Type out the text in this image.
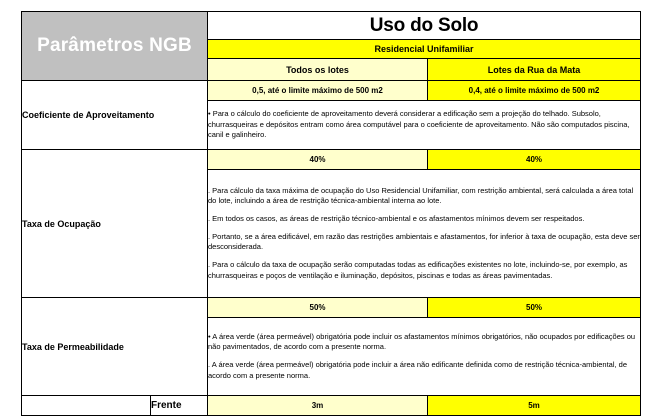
Parâmetros NGB		Uso do Solo	
		Residencial Unifamiliar	
		Todos os lotes	Lotes da Rua da Mata
Coeficiente de Aproveitamento		0,5, até o limite máximo de 500 m2	0,4, até o limite máximo de 500 m2

		• Para o cálculo do coeficiente de aproveitamento deverá considerar a edificação sem a projeção do telhado. Subsolo, churrasqueiras e depósitos entram como área computável para o coeficiente de aproveitamento. Não são computados piscina, canil e galinheiro.	

Taxa de Ocupação		40%	40%

		. Para cálculo da taxa máxima de ocupação do Uso Residencial Unifamiliar, com restrição ambiental, será calculada a área total do lote, incluindo a área de restrição técnica-ambiental interna ao lote.

. Em todos os casos, as áreas de restrição técnico-ambiental e os afastamentos mínimos devem ser respeitados.

. Portanto, se a área edificável, em razão das restrições ambientais e afastamentos, for inferior à taxa de ocupação, esta deve ser desconsiderada.

. Para o cálculo da taxa de ocupação serão computadas todas as edificações existentes no lote, incluindo-se, por exemplo, as churrasqueiras e poços de ventilação e iluminação, depósitos, piscinas e todas as áreas pavimentadas.	

Taxa de Permeabilidade		50%	50%

		• A área verde (área permeável) obrigatória pode incluir os afastamentos mínimos obrigatórios, não ocupados por edificações ou não pavimentados, de acordo com a presente norma.

. A área verde (área permeável) obrigatória pode incluir a área não edificante definida como de restrição técnica-ambiental, de acordo com a presente norma.	

	Frente	3m	5m
